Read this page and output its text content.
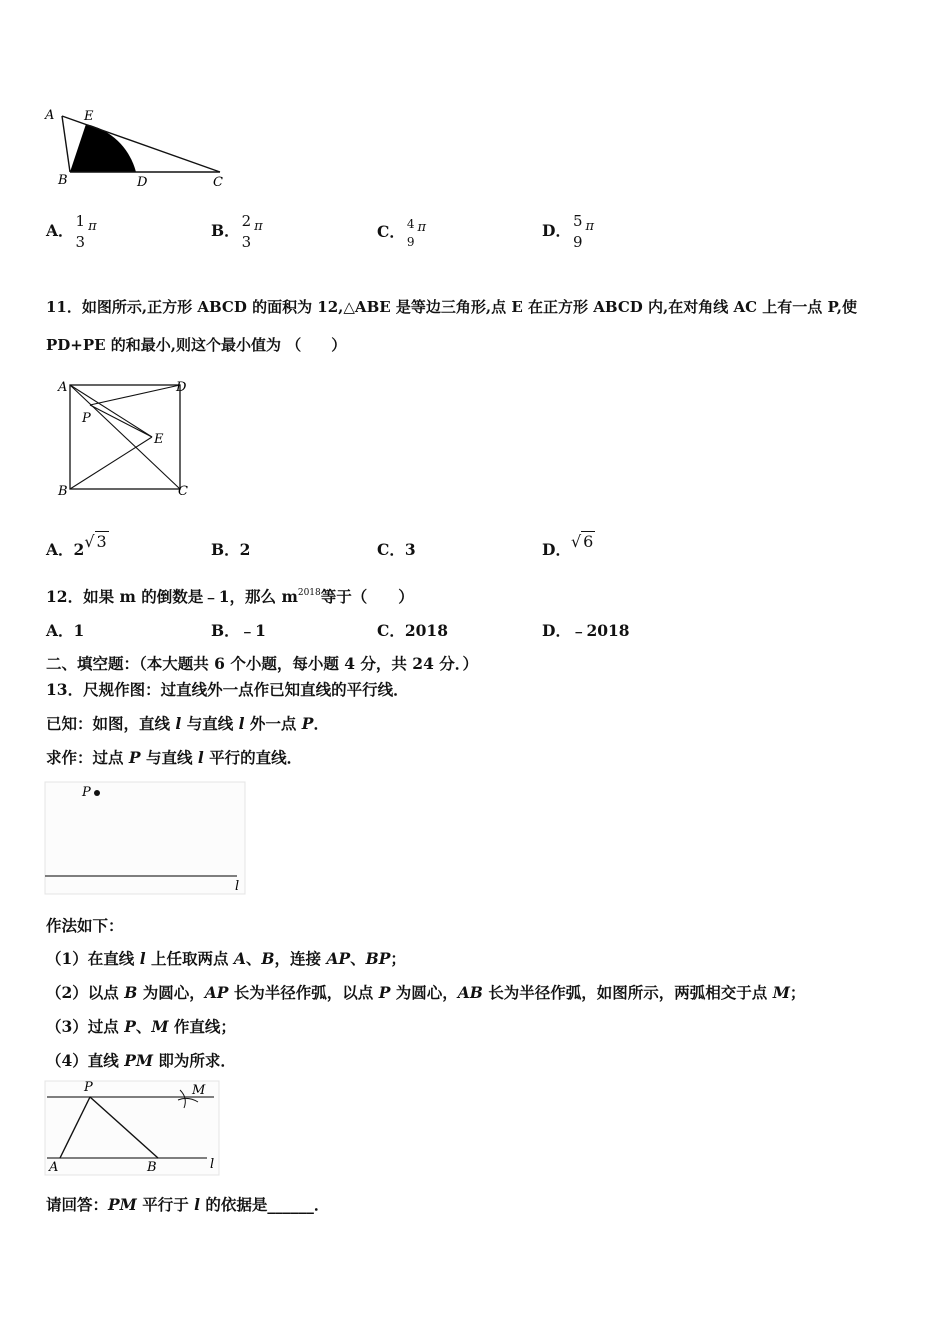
A E
B	D	C
A． 1
3
$^\pi$	B． 2
3
$^\pi$	C． 4
9
$^\pi$	D． 5
9
$^\pi$
11．如图所示,正方形 ABCD 的面积为 12,△ABE 是等边三角形,点 E 在正方形 ABCD 内,在对角线 AC 上有一点 P,使
PD+PE 的和最小,则这个最小值为 （　　）
A	D
P
E
B	C
A．2√ 3	B．2	C．3	D．√ 6
12．如果 m 的倒数是﹣1，那么 $m^{2018}$等于（　　）
A．1	B．﹣1	C．2018	D．﹣2018
二、填空题：（本大题共 6 个小题，每小题 4 分，共 24 分．）
13．尺规作图：过直线外一点作已知直线的平行线．
已知：如图，直线 l 与直线 l 外一点 P．
求作：过点 P 与直线 l 平行的直线．
P
l
作法如下：
（1）在直线 l 上任取两点 A、B，连接 AP、BP；
（2）以点 B 为圆心，AP 长为半径作弧，以点 P 为圆心，AB 长为半径作弧，如图所示，两弧相交于点 M；
（3）过点 P、M 作直线；
（4）直线 PM 即为所求．
P	M
A	B	l
请回答：PM 平行于 l 的依据是______．
